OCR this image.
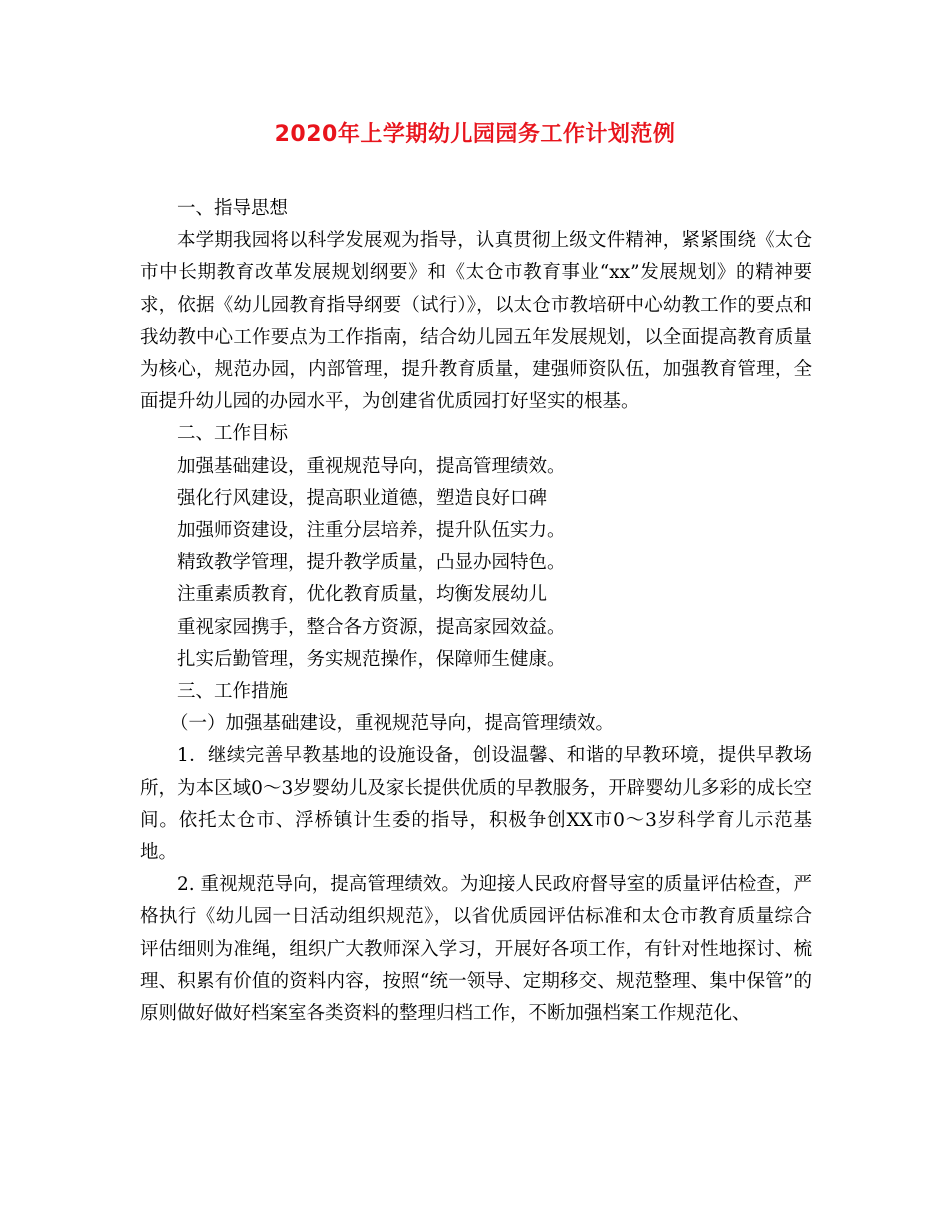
2020年上学期幼儿园园务工作计划范例

一、指导思想

本学期我园将以科学发展观为指导，认真贯彻上级文件精神，紧紧围绕《太仓市中长期教育改革发展规划纲要》和《太仓市教育事业“xx”发展规划》的精神要求，依据《幼儿园教育指导纲要（试行）》，以太仓市教培研中心幼教工作的要点和我幼教中心工作要点为工作指南，结合幼儿园五年发展规划，以全面提高教育质量为核心，规范办园，内部管理，提升教育质量，建强师资队伍，加强教育管理，全面提升幼儿园的办园水平，为创建省优质园打好坚实的根基。

二、工作目标

加强基础建设，重视规范导向，提高管理绩效。

强化行风建设，提高职业道德，塑造良好口碑

加强师资建设，注重分层培养，提升队伍实力。

精致教学管理，提升教学质量，凸显办园特色。

注重素质教育，优化教育质量，均衡发展幼儿

重视家园携手，整合各方资源，提高家园效益。

扎实后勤管理，务实规范操作，保障师生健康。

三、工作措施

（一）加强基础建设，重视规范导向，提高管理绩效。

1．继续完善早教基地的设施设备，创设温馨、和谐的早教环境，提供早教场所，为本区域0～3岁婴幼儿及家长提供优质的早教服务，开辟婴幼儿多彩的成长空间。依托太仓市、浮桥镇计生委的指导，积极争创XX市0～3岁科学育儿示范基地。

2. 重视规范导向，提高管理绩效。为迎接人民政府督导室的质量评估检查，严格执行《幼儿园一日活动组织规范》，以省优质园评估标准和太仓市教育质量综合评估细则为准绳，组织广大教师深入学习，开展好各项工作，有针对性地探讨、梳理、积累有价值的资料内容，按照“统一领导、定期移交、规范整理、集中保管”的原则做好做好档案室各类资料的整理归档工作，不断加强档案工作规范化、
